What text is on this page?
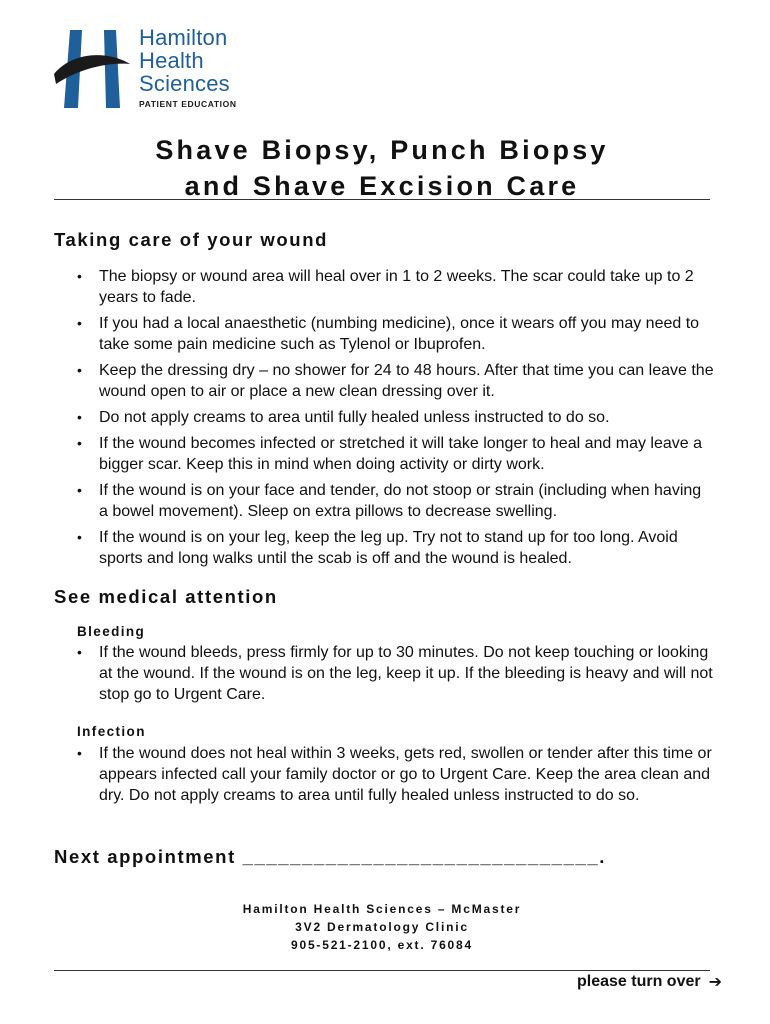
Hamilton
Health
Sciences
PATIENT EDUCATION
Shave Biopsy, Punch Biopsy
and Shave Excision Care
Taking care of your wound
• The biopsy or wound area will heal over in 1 to 2 weeks. The scar could take up to 2 years to fade.
• If you had a local anaesthetic (numbing medicine), once it wears off you may need to take some pain medicine such as Tylenol or Ibuprofen.
• Keep the dressing dry – no shower for 24 to 48 hours. After that time you can leave the wound open to air or place a new clean dressing over it.
• Do not apply creams to area until fully healed unless instructed to do so.
• If the wound becomes infected or stretched it will take longer to heal and may leave a bigger scar. Keep this in mind when doing activity or dirty work.
• If the wound is on your face and tender, do not stoop or strain (including when having a bowel movement). Sleep on extra pillows to decrease swelling.
• If the wound is on your leg, keep the leg up. Try not to stand up for too long. Avoid sports and long walks until the scab is off and the wound is healed.
See medical attention
Bleeding
• If the wound bleeds, press firmly for up to 30 minutes. Do not keep touching or looking at the wound. If the wound is on the leg, keep it up. If the bleeding is heavy and will not stop go to Urgent Care.
Infection
• If the wound does not heal within 3 weeks, gets red, swollen or tender after this time or appears infected call your family doctor or go to Urgent Care. Keep the area clean and dry. Do not apply creams to area until fully healed unless instructed to do so.
Next appointment ______________________________.
Hamilton Health Sciences – McMaster
3V2 Dermatology Clinic
905-521-2100, ext. 76084
please turn over ➔
